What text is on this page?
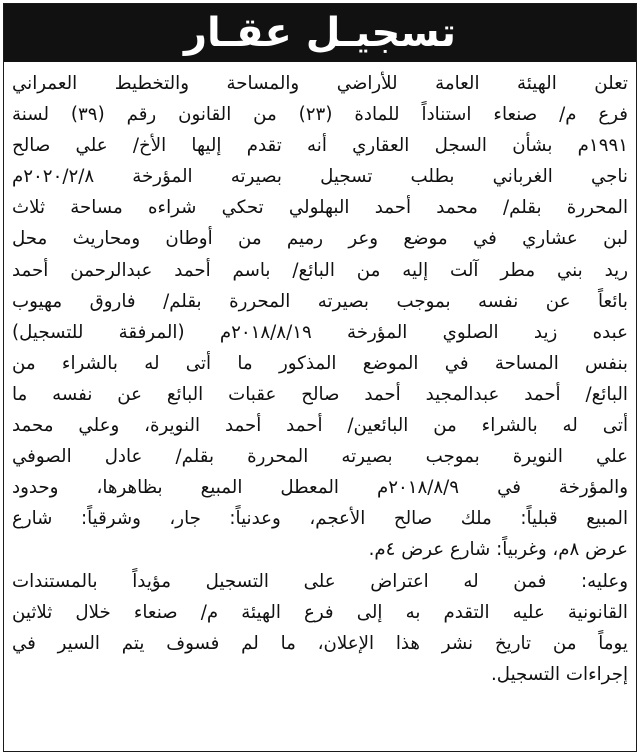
تسجيـل عقـار
تعلن الهيئة العامة للأراضي والمساحة والتخطيط العمراني
فرع م/ صنعاء استناداً للمادة (٢٣) من القانون رقم (٣٩) لسنة
١٩٩١م بشأن السجل العقاري أنه تقدم إليها الأخ/ علي صالح
ناجي الغرباني بطلب تسجيل بصيرته المؤرخة ٢٠٢٠/٢/٨م
المحررة بقلم/ محمد أحمد البهلولي تحكي شراءه مساحة ثلاث
لبن عشاري في موضع وعر رميم من أوطان ومحاريث محل
ريد بني مطر آلت إليه من البائع/ باسم أحمد عبدالرحمن أحمد
بائعاً عن نفسه بموجب بصيرته المحررة بقلم/ فاروق مهيوب
عبده زيد الصلوي المؤرخة ٢٠١٨/٨/١٩م (المرفقة للتسجيل)
بنفس المساحة في الموضع المذكور ما أتى له بالشراء من
البائع/ أحمد عبدالمجيد أحمد صالح عقبات البائع عن نفسه ما
أتى له بالشراء من البائعين/ أحمد أحمد النويرة، وعلي محمد
علي النويرة بموجب بصيرته المحررة بقلم/ عادل الصوفي
والمؤرخة في ٢٠١٨/٨/٩م المعطل المبيع بظاهرها، وحدود
المبيع قبلياً: ملك صالح الأعجم، وعدنياً: جار، وشرقياً: شارع
عرض ٨م، وغربياً: شارع عرض ٤م.
وعليه: فمن له اعتراض على التسجيل مؤيداً بالمستندات
القانونية عليه التقدم به إلى فرع الهيئة م/ صنعاء خلال ثلاثين
يوماً من تاريخ نشر هذا الإعلان، ما لم فسوف يتم السير في
إجراءات التسجيل.
